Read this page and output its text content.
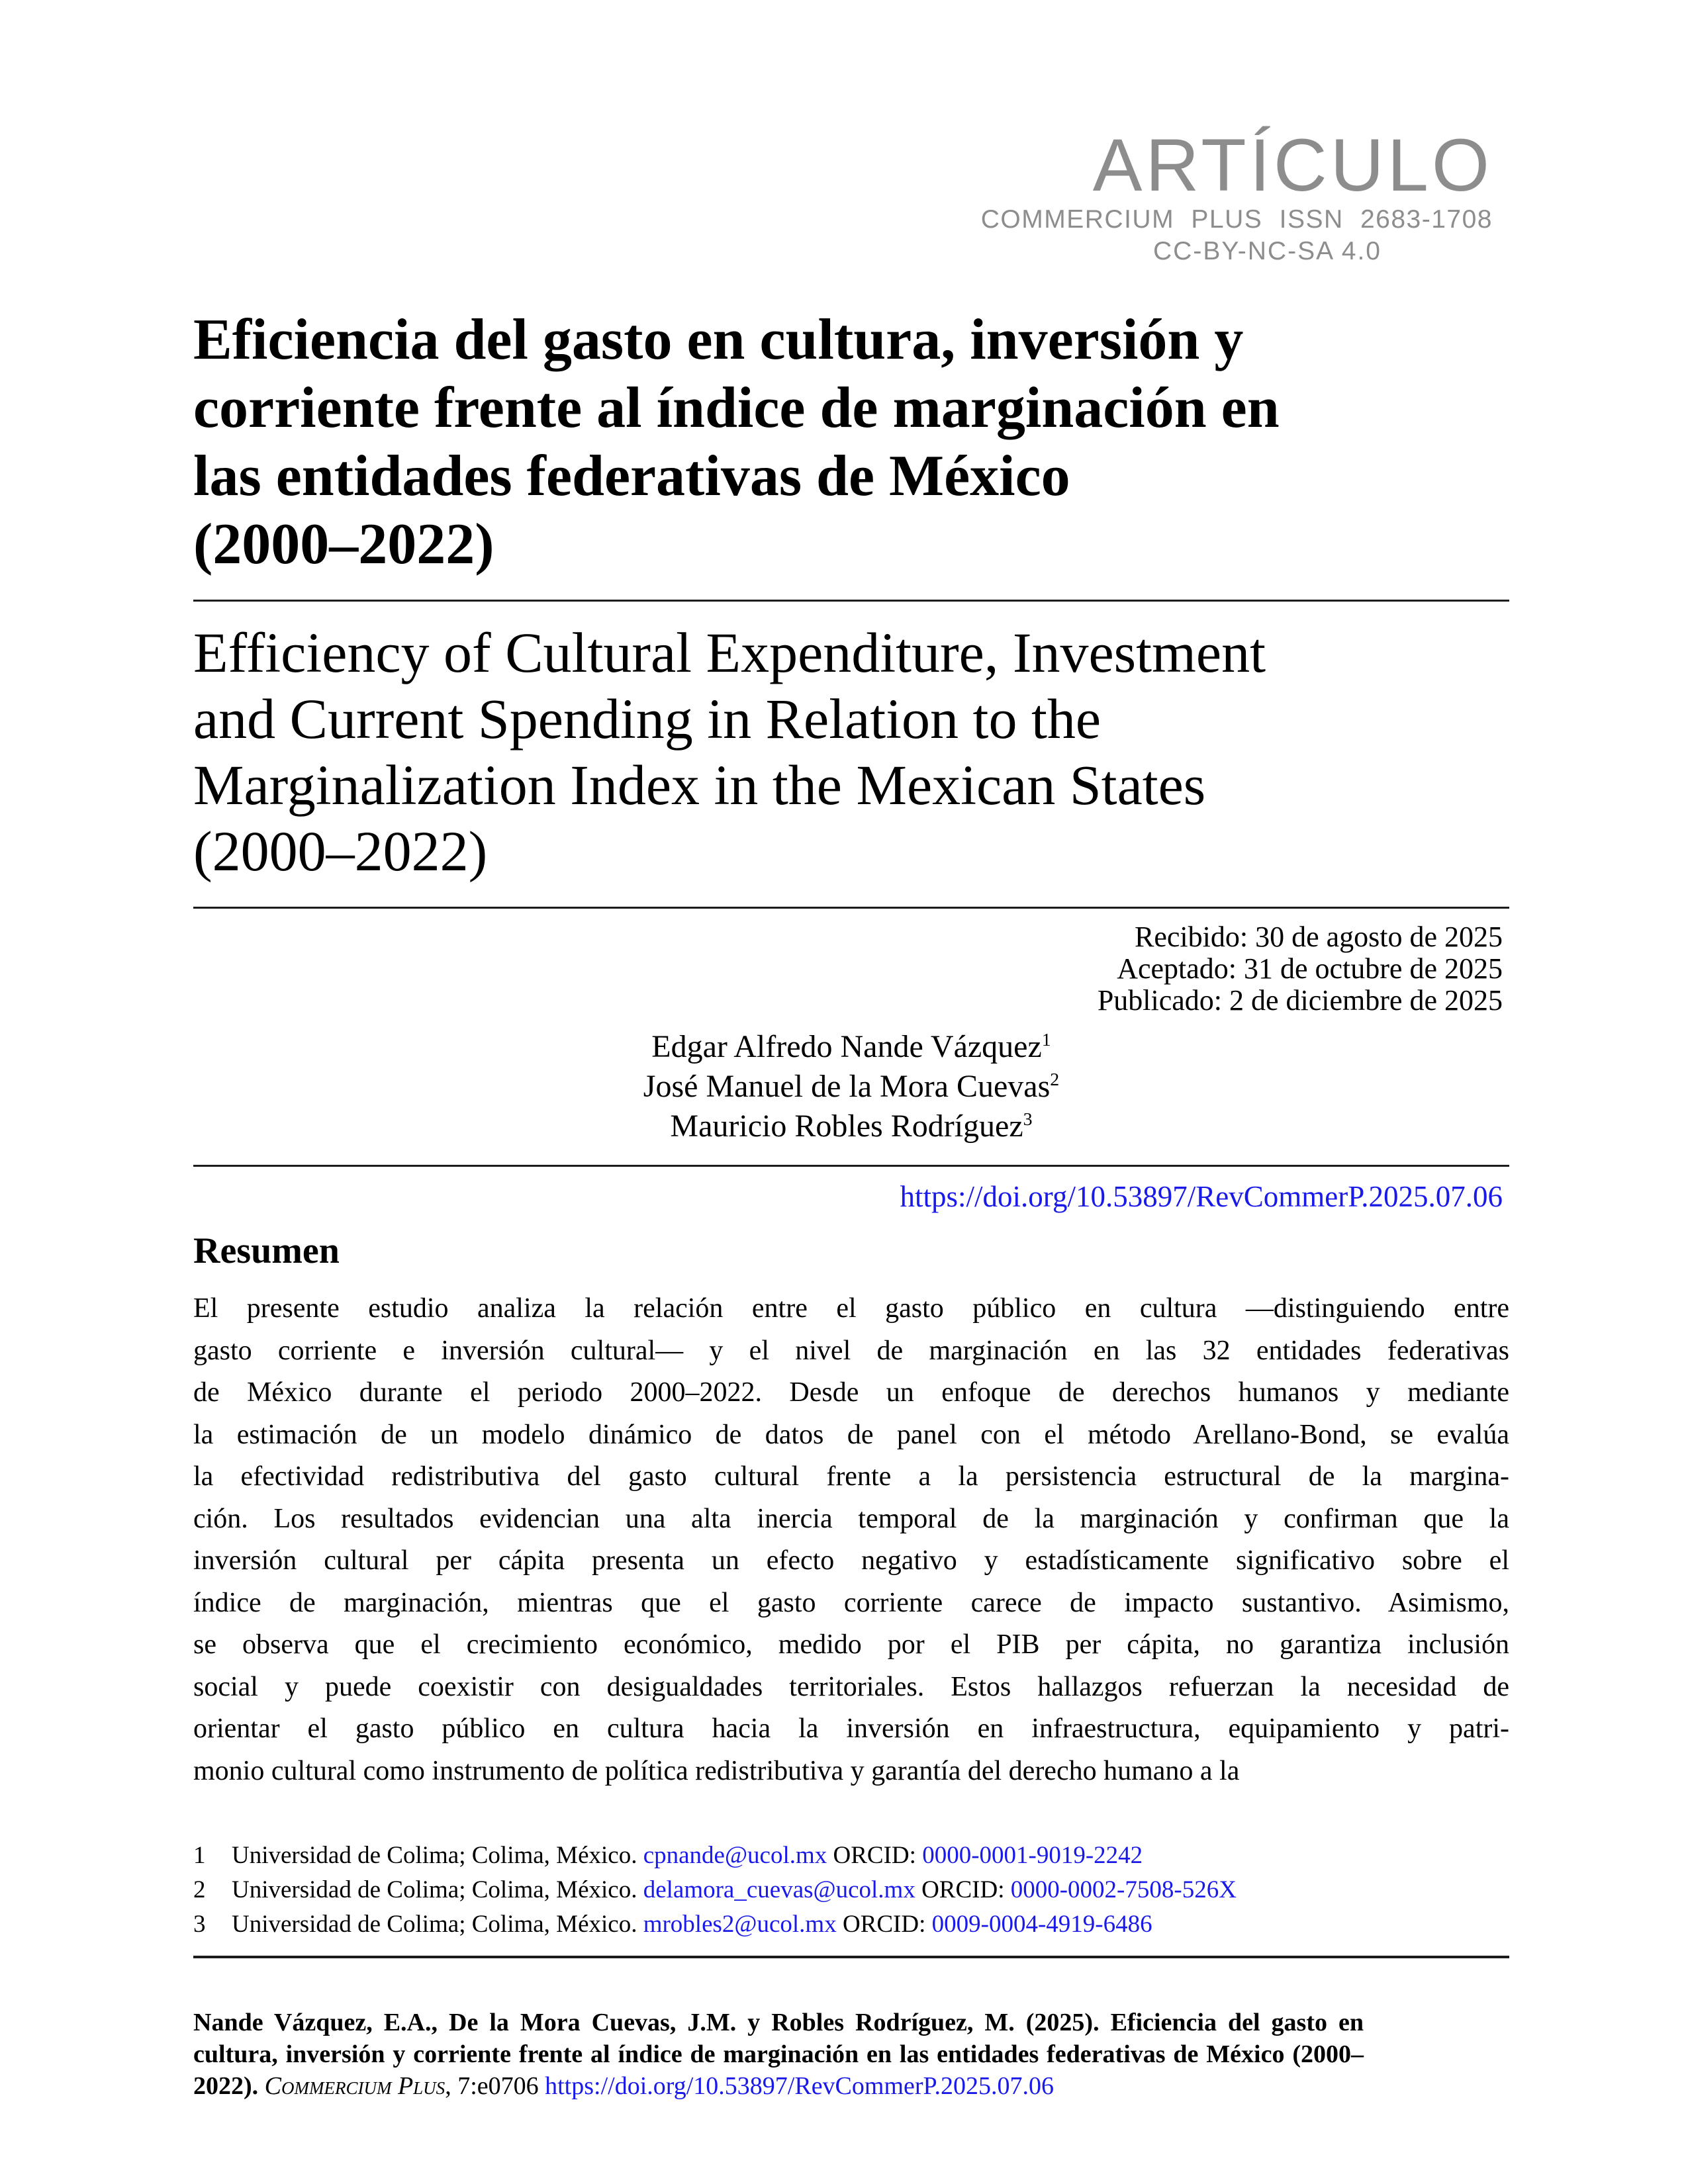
ARTÍCULO
COMMERCIUM PLUS ISSN 2683-1708
CC-BY-NC-SA 4.0
Eficiencia del gasto en cultura, inversión y
corriente frente al índice de marginación en
las entidades federativas de México
(2000–2022)
Efficiency of Cultural Expenditure, Investment
and Current Spending in Relation to the
Marginalization Index in the Mexican States
(2000–2022)
Recibido: 30 de agosto de 2025
Aceptado: 31 de octubre de 2025
Publicado: 2 de diciembre de 2025
Edgar Alfredo Nande Vázquez$^1$
José Manuel de la Mora Cuevas$^2$
Mauricio Robles Rodríguez$^3$
https://doi.org/10.53897/RevCommerP.2025.07.06
Resumen
El presente estudio analiza la relación entre el gasto público en cultura —distinguiendo entre
gasto corriente e inversión cultural— y el nivel de marginación en las 32 entidades federativas
de México durante el periodo 2000–2022. Desde un enfoque de derechos humanos y mediante
la estimación de un modelo dinámico de datos de panel con el método Arellano-Bond, se evalúa
la efectividad redistributiva del gasto cultural frente a la persistencia estructural de la margina-
ción. Los resultados evidencian una alta inercia temporal de la marginación y confirman que la
inversión cultural per cápita presenta un efecto negativo y estadísticamente significativo sobre el
índice de marginación, mientras que el gasto corriente carece de impacto sustantivo. Asimismo,
se observa que el crecimiento económico, medido por el PIB per cápita, no garantiza inclusión
social y puede coexistir con desigualdades territoriales. Estos hallazgos refuerzan la necesidad de
orientar el gasto público en cultura hacia la inversión en infraestructura, equipamiento y patri-
monio cultural como instrumento de política redistributiva y garantía del derecho humano a la
1	Universidad de Colima; Colima, México. cpnande@ucol.mx ORCID: 0000-0001-9019-2242
2	Universidad de Colima; Colima, México. delamora_cuevas@ucol.mx ORCID: 0000-0002-7508-526X
3	Universidad de Colima; Colima, México. mrobles2@ucol.mx ORCID: 0009-0004-4919-6486

Nande Vázquez, E.A., De la Mora Cuevas, J.M. y Robles Rodríguez, M. (2025). Eficiencia del gasto en cultura, inversión y corriente frente al índice de marginación en las entidades federativas de México (2000–2022). Commercium Plus, 7:e0706 https://doi.org/10.53897/RevCommerP.2025.07.06
